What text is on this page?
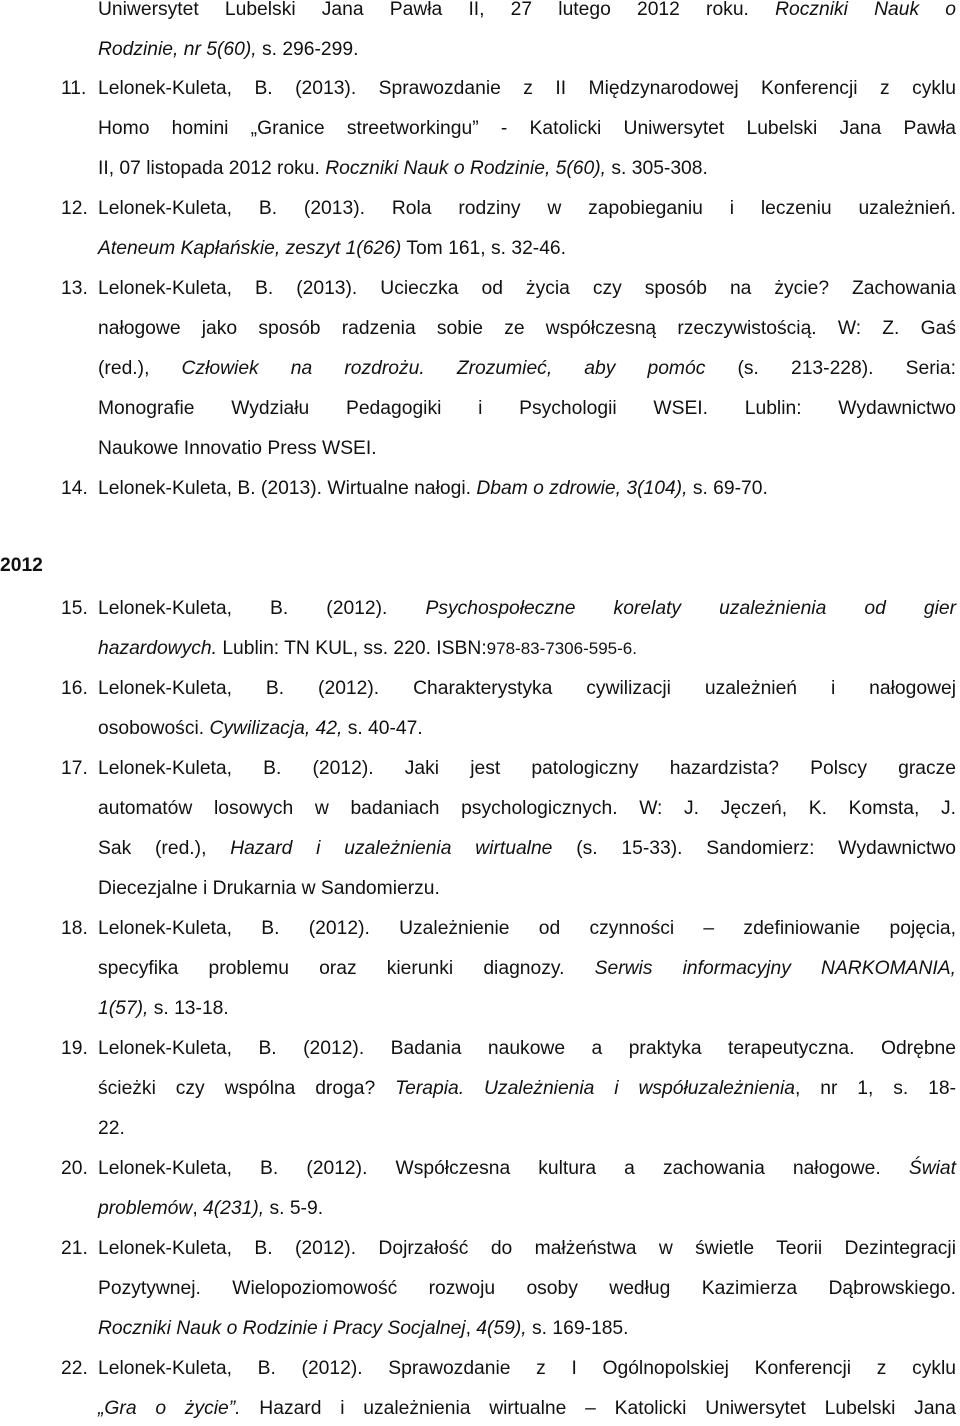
Uniwersytet Lubelski Jana Pawła II, 27 lutego 2012 roku. Roczniki Nauk o
Rodzinie, nr 5(60), s. 296-299.
11. Lelonek-Kuleta, B. (2013). Sprawozdanie z II Międzynarodowej Konferencji z cyklu
Homo homini „Granice streetworkingu” - Katolicki Uniwersytet Lubelski Jana Pawła
II, 07 listopada 2012 roku. Roczniki Nauk o Rodzinie, 5(60), s. 305-308.
12. Lelonek-Kuleta, B. (2013). Rola rodziny w zapobieganiu i leczeniu uzależnień.
Ateneum Kapłańskie, zeszyt 1(626) Tom 161, s. 32-46.
13. Lelonek-Kuleta, B. (2013). Ucieczka od życia czy sposób na życie? Zachowania
nałogowe jako sposób radzenia sobie ze współczesną rzeczywistością. W: Z. Gaś
(red.), Człowiek na rozdrożu. Zrozumieć, aby pomóc (s. 213-228). Seria:
Monografie Wydziału Pedagogiki i Psychologii WSEI. Lublin: Wydawnictwo
Naukowe Innovatio Press WSEI.
14. Lelonek-Kuleta, B. (2013). Wirtualne nałogi. Dbam o zdrowie, 3(104), s. 69-70.
2012
15. Lelonek-Kuleta, B. (2012). Psychospołeczne korelaty uzależnienia od gier
hazardowych. Lublin: TN KUL, ss. 220. ISBN:978-83-7306-595-6.
16. Lelonek-Kuleta, B. (2012). Charakterystyka cywilizacji uzależnień i nałogowej
osobowości. Cywilizacja, 42, s. 40-47.
17. Lelonek-Kuleta, B. (2012). Jaki jest patologiczny hazardzista? Polscy gracze
automatów losowych w badaniach psychologicznych. W: J. Jęczeń, K. Komsta, J.
Sak (red.), Hazard i uzależnienia wirtualne (s. 15-33). Sandomierz: Wydawnictwo
Diecezjalne i Drukarnia w Sandomierzu.
18. Lelonek-Kuleta, B. (2012). Uzależnienie od czynności – zdefiniowanie pojęcia,
specyfika problemu oraz kierunki diagnozy. Serwis informacyjny NARKOMANIA,
1(57), s. 13-18.
19. Lelonek-Kuleta, B. (2012). Badania naukowe a praktyka terapeutyczna. Odrębne
ścieżki czy wspólna droga? Terapia. Uzależnienia i współuzależnienia, nr 1, s. 18-
22.
20. Lelonek-Kuleta, B. (2012). Współczesna kultura a zachowania nałogowe. Świat
problemów, 4(231), s. 5-9.
21. Lelonek-Kuleta, B. (2012). Dojrzałość do małżeństwa w świetle Teorii Dezintegracji
Pozytywnej. Wielopoziomowość rozwoju osoby według Kazimierza Dąbrowskiego.
Roczniki Nauk o Rodzinie i Pracy Socjalnej, 4(59), s. 169-185.
22. Lelonek-Kuleta, B. (2012). Sprawozdanie z I Ogólnopolskiej Konferencji z cyklu
„Gra o życie”. Hazard i uzależnienia wirtualne – Katolicki Uniwersytet Lubelski Jana
